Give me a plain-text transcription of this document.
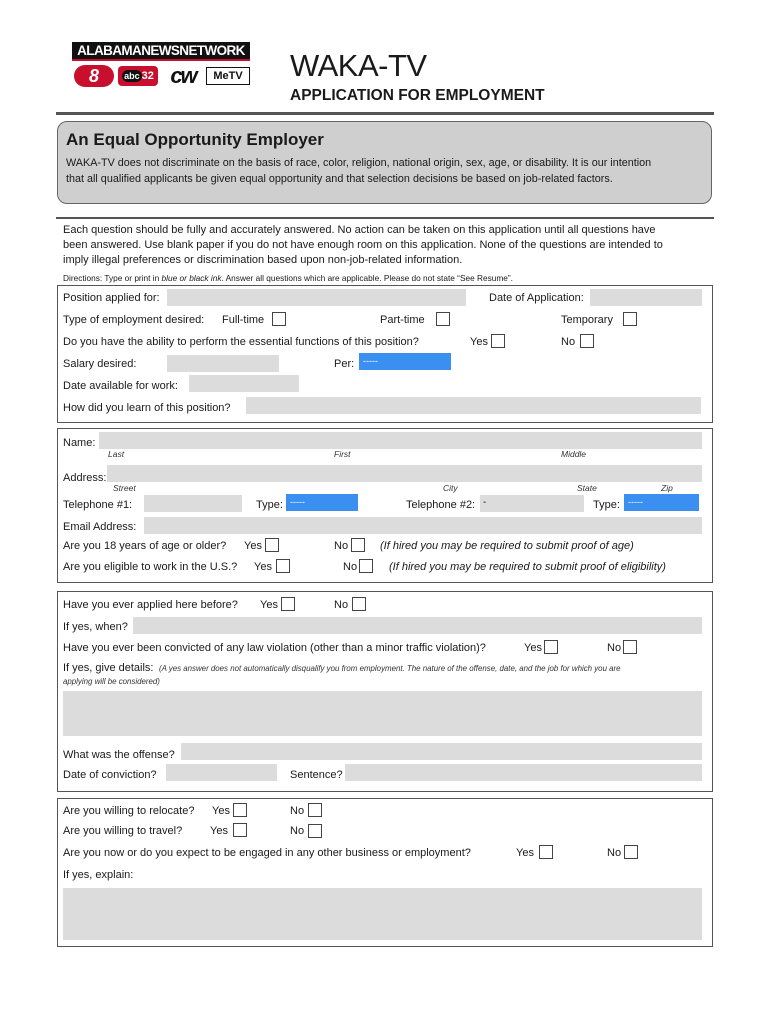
ALABAMANEWSNETWORK
8	abc 32 cw	MeTV WAKA-TV
APPLICATION FOR EMPLOYMENT
An Equal Opportunity Employer
WAKA-TV does not discriminate on the basis of race, color, religion, national origin, sex, age, or disability. It is our intention
that all qualified applicants be given equal opportunity and that selection decisions be based on job-related factors.
Each question should be fully and accurately answered. No action can be taken on this application until all questions have
been answered. Use blank paper if you do not have enough room on this application. None of the questions are intended to
imply illegal preferences or discrimination based upon non-job-related information.
Directions: Type or print in blue or black ink. Answer all questions which are applicable. Please do not state “See Resume”.
Position applied for:	Date of Application:
Type of employment desired: Full-time	Part-time	Temporary
Do you have the ability to perform the essential functions of this position?	Yes	No
Salary desired:	Per: -----
Date available for work:
How did you learn of this position?
Name:
Last	First	Middle
Address:
Street	City	State	Zip
Telephone #1:	Type: -----	Telephone #2: -	Type: -----
Email Address:
Are you 18 years of age or older? Yes	No	(If hired you may be required to submit proof of age)
Are you eligible to work in the U.S.? Yes	No	(If hired you may be required to submit proof of eligibility)
Have you ever applied here before? Yes	No
If yes, when?
Have you ever been convicted of any law violation (other than a minor traffic violation)?	Yes	No
If yes, give details: (A yes answer does not automatically disqualify you from employment. The nature of the offense, date, and the job for which you are
applying will be considered)
What was the offense?
Date of conviction?	Sentence?
Are you willing to relocate? Yes	No
Are you willing to travel?	Yes	No
Are you now or do you expect to be engaged in any other business or employment?	Yes	No
If yes, explain:
